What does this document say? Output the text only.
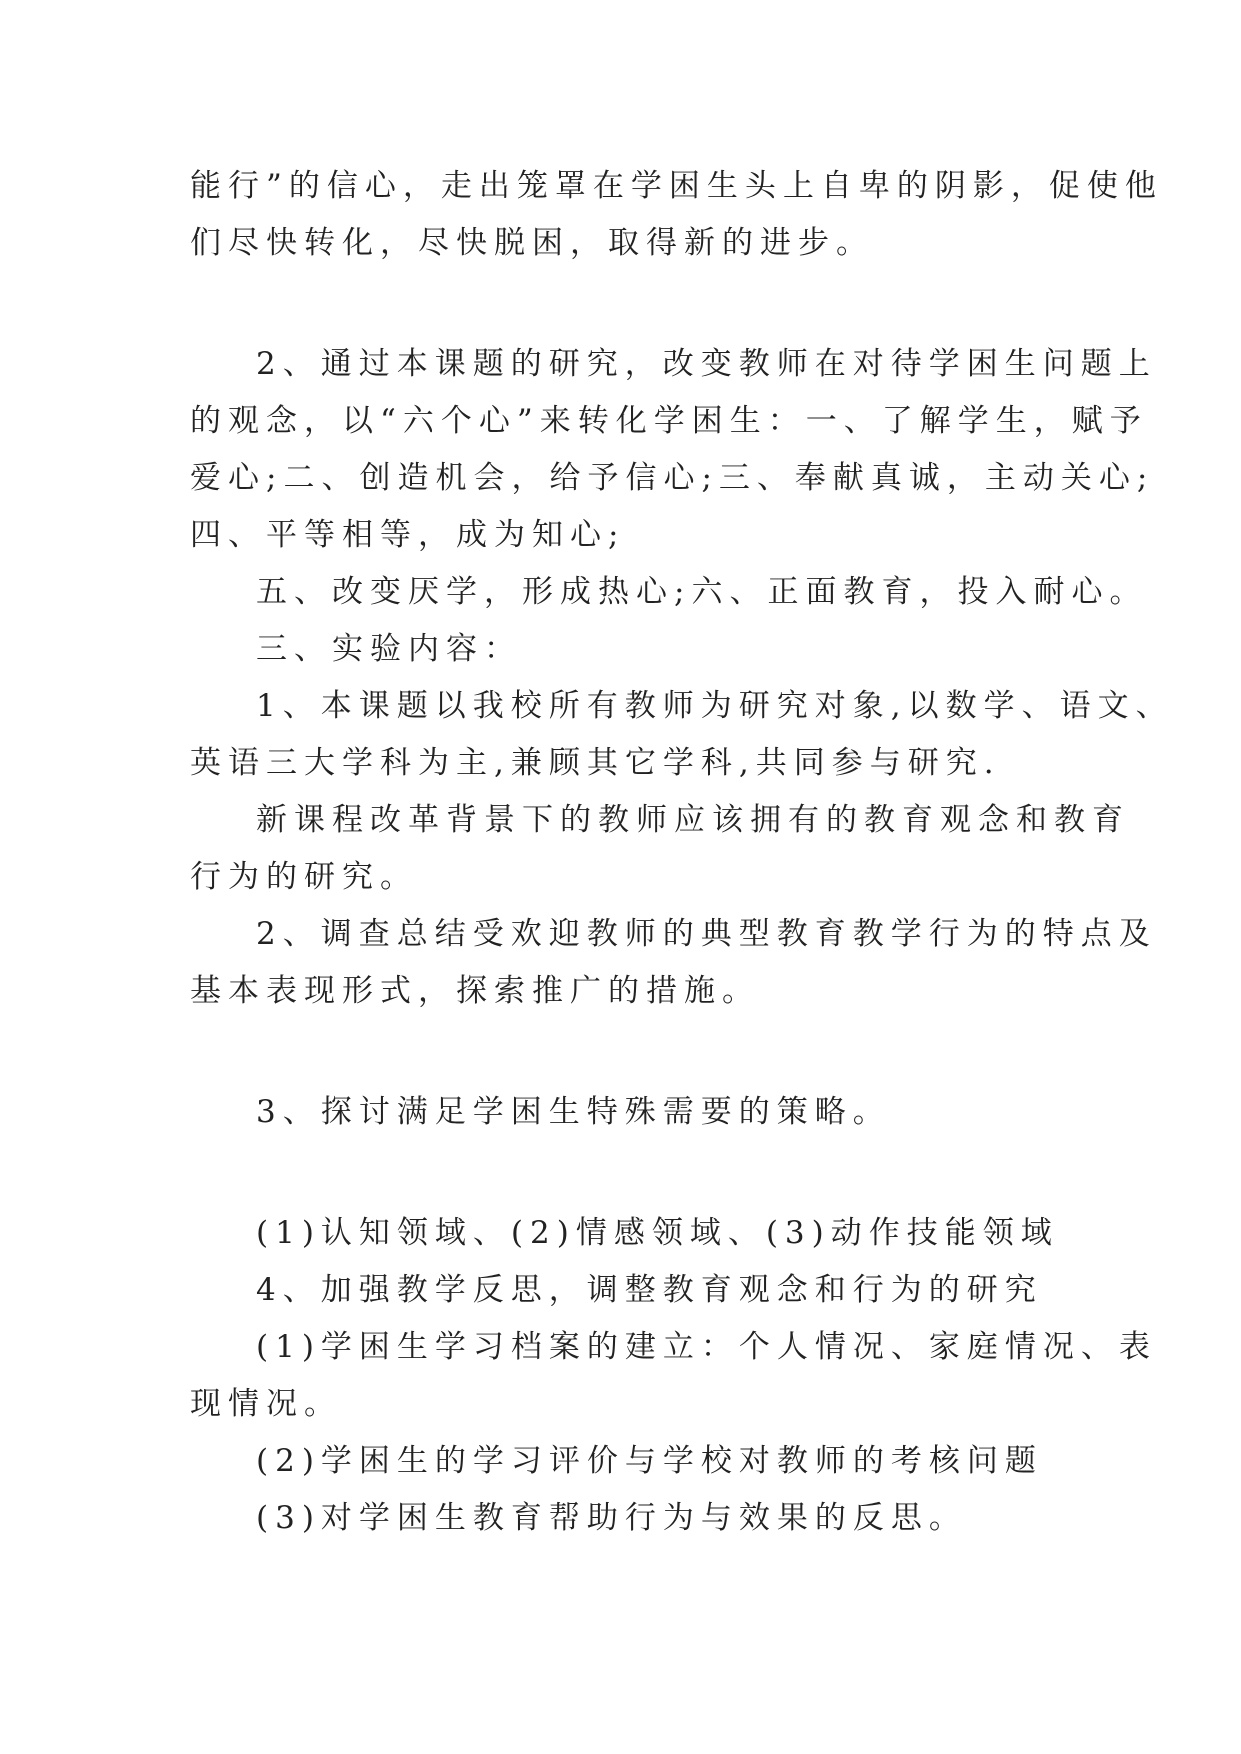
能行”的信心，走出笼罩在学困生头上自卑的阴影，促使他

们尽快转化，尽快脱困，取得新的进步。

2、通过本课题的研究，改变教师在对待学困生问题上

的观念，以“六个心”来转化学困生：一、了解学生，赋予

爱心;二、创造机会，给予信心;三、奉献真诚，主动关心;

四、平等相等，成为知心;

五、改变厌学，形成热心;六、正面教育，投入耐心。

三、实验内容：

1、本课题以我校所有教师为研究对象,以数学、语文、

英语三大学科为主,兼顾其它学科,共同参与研究.

新课程改革背景下的教师应该拥有的教育观念和教育

行为的研究。

2、调查总结受欢迎教师的典型教育教学行为的特点及

基本表现形式，探索推广的措施。

3、探讨满足学困生特殊需要的策略。

(1)认知领域、(2)情感领域、(3)动作技能领域

4、加强教学反思，调整教育观念和行为的研究

(1)学困生学习档案的建立：个人情况、家庭情况、表

现情况。

(2)学困生的学习评价与学校对教师的考核问题

(3)对学困生教育帮助行为与效果的反思。
